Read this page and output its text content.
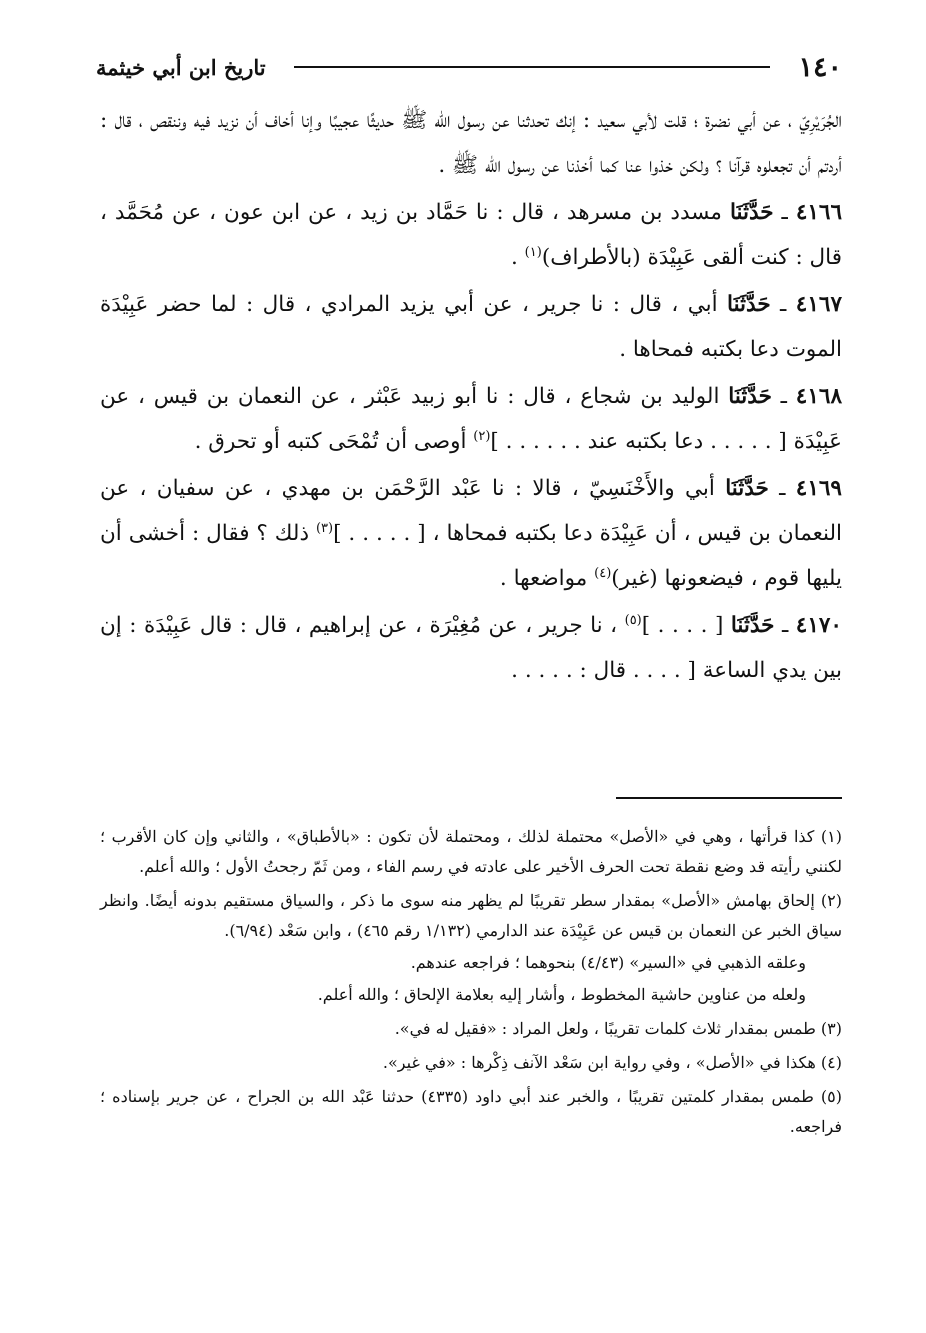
١٤٠
تاريخ ابن أبي خيثمة

الجُرَيْرِيّ ، عن أبي نضرة ؛ قلت لأبي سعيد : إنك تحدثنا عن رسول الله ﷺ حديثًا عجيبًا وإنا أخاف أن نزيد فيه وننقص ، قال : أردتم أن تجعلوه قرآنا ؟ ولكن خذوا عنا كما أخذنا عن رسول الله ﷺ .

٤١٦٦ ـ حَدَّثَنَا مسدد بن مسرهد ، قال : نا حَمَّاد بن زيد ، عن ابن عون ، عن مُحَمَّد ، قال : كنت ألقى عَبِيْدَة (بالأطراف)$^{(١)}$ .

٤١٦٧ ـ حَدَّثَنَا أبي ، قال : نا جرير ، عن أبي يزيد المرادي ، قال : لما حضر عَبِيْدَة الموت دعا بكتبه فمحاها .

٤١٦٨ ـ حَدَّثَنَا الوليد بن شجاع ، قال : نا أبو زبيد عَبْثر ، عن النعمان بن قيس ، عن عَبِيْدَة [ . . . . . دعا بكتبه عند . . . . . . ]$^{(٢)}$ أوصى أن تُمْحَى كتبه أو تحرق .

٤١٦٩ ـ حَدَّثَنَا أبي والأَخْنَسِيّ ، قالا : نا عَبْد الرَّحْمَن بن مهدي ، عن سفيان ، عن النعمان بن قيس ، أن عَبِيْدَة دعا بكتبه فمحاها ، [ . . . . . ]$^{(٣)}$ ذلك ؟ فقال : أخشى أن يليها قوم ، فيضعونها (غير)$^{(٤)}$ مواضعها .

٤١٧٠ ـ حَدَّثَنَا [ . . . . ]$^{(٥)}$ ، نا جرير ، عن مُغِيْرَة ، عن إبراهيم ، قال : قال عَبِيْدَة : إن بين يدي الساعة [ . . . . قال : . . . . .

(١) كذا قرأتها ، وهي في «الأصل» محتملة لذلك ، ومحتملة لأن تكون : «بالأطباق» ، والثاني وإن كان الأقرب ؛ لكنني رأيته قد وضع نقطة تحت الحرف الأخير على عادته في رسم الفاء ، ومن ثَمّ رجحتُ الأول ؛ والله أعلم.

(٢) إلحاق بهامش «الأصل» بمقدار سطر تقريبًا لم يظهر منه سوى ما ذكر ، والسياق مستقيم بدونه أيضًا. وانظر سياق الخبر عن النعمان بن قيس عن عَبِيْدَة عند الدارمي (١/١٣٢ رقم ٤٦٥) ، وابن سَعْد (٦/٩٤).

وعلقه الذهبي في «السير» (٤/٤٣) بنحوهما ؛ فراجعه عندهم.

ولعله من عناوين حاشية المخطوط ، وأشار إليه بعلامة الإلحاق ؛ والله أعلم.

(٣) طمس بمقدار ثلاث كلمات تقريبًا ، ولعل المراد : «فقيل له في».

(٤) هكذا في «الأصل» ، وفي رواية ابن سَعْد الآنف ذِكْرها : «في غير».

(٥) طمس بمقدار كلمتين تقريبًا ، والخبر عند أبي داود (٤٣٣٥) حدثنا عَبْد الله بن الجراح ، عن جرير بإسناده ؛ فراجعه.
